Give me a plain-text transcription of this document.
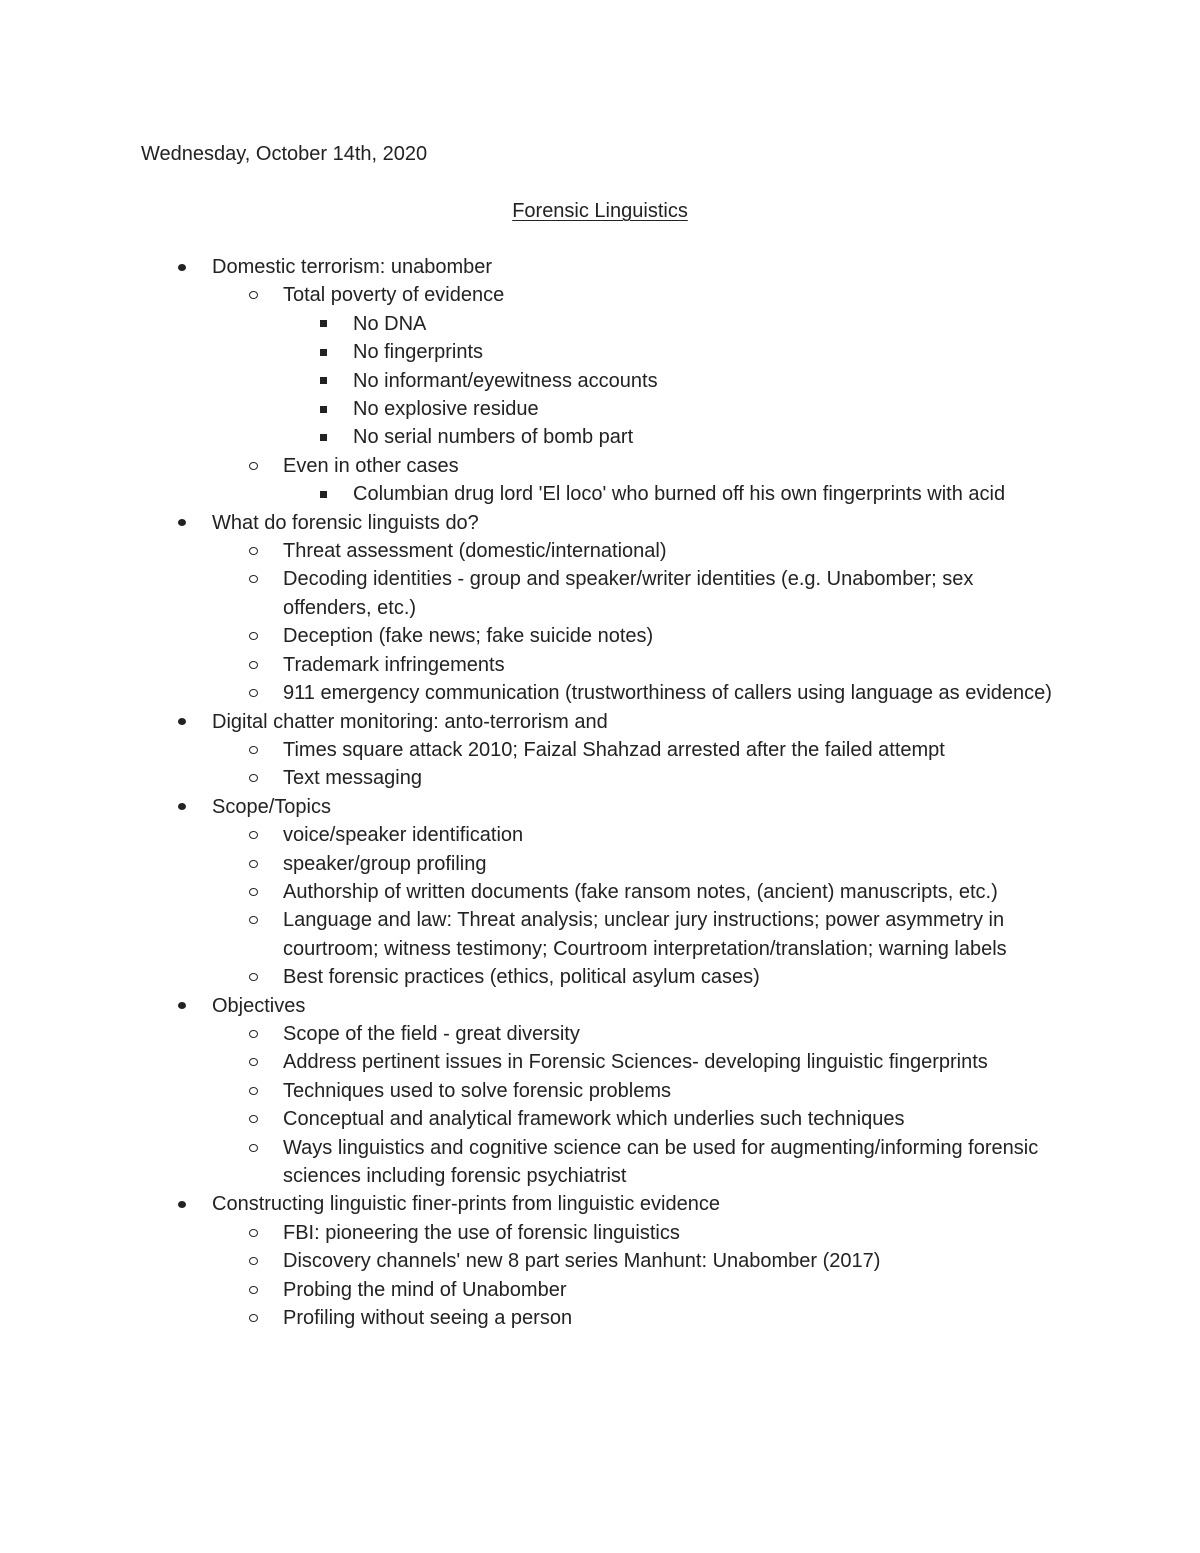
Wednesday, October 14th, 2020
Forensic Linguistics
Domestic terrorism: unabomber
Total poverty of evidence
No DNA
No fingerprints
No informant/eyewitness accounts
No explosive residue
No serial numbers of bomb part
Even in other cases
Columbian drug lord 'El loco' who burned off his own fingerprints with acid
What do forensic linguists do?
Threat assessment (domestic/international)
Decoding identities - group and speaker/writer identities (e.g. Unabomber; sex offenders, etc.)
Deception (fake news; fake suicide notes)
Trademark infringements
911 emergency communication (trustworthiness of callers using language as evidence)
Digital chatter monitoring: anto-terrorism and
Times square attack 2010; Faizal Shahzad arrested after the failed attempt
Text messaging
Scope/Topics
voice/speaker identification
speaker/group profiling
Authorship of written documents (fake ransom notes, (ancient) manuscripts, etc.)
Language and law: Threat analysis; unclear jury instructions; power asymmetry in courtroom; witness testimony; Courtroom interpretation/translation; warning labels
Best forensic practices (ethics, political asylum cases)
Objectives
Scope of the field - great diversity
Address pertinent issues in Forensic Sciences- developing linguistic fingerprints
Techniques used to solve forensic problems
Conceptual and analytical framework which underlies such techniques
Ways linguistics and cognitive science can be used for augmenting/informing forensic sciences including forensic psychiatrist
Constructing linguistic finer-prints from linguistic evidence
FBI: pioneering the use of forensic linguistics
Discovery channels' new 8 part series Manhunt: Unabomber (2017)
Probing the mind of Unabomber
Profiling without seeing a person
